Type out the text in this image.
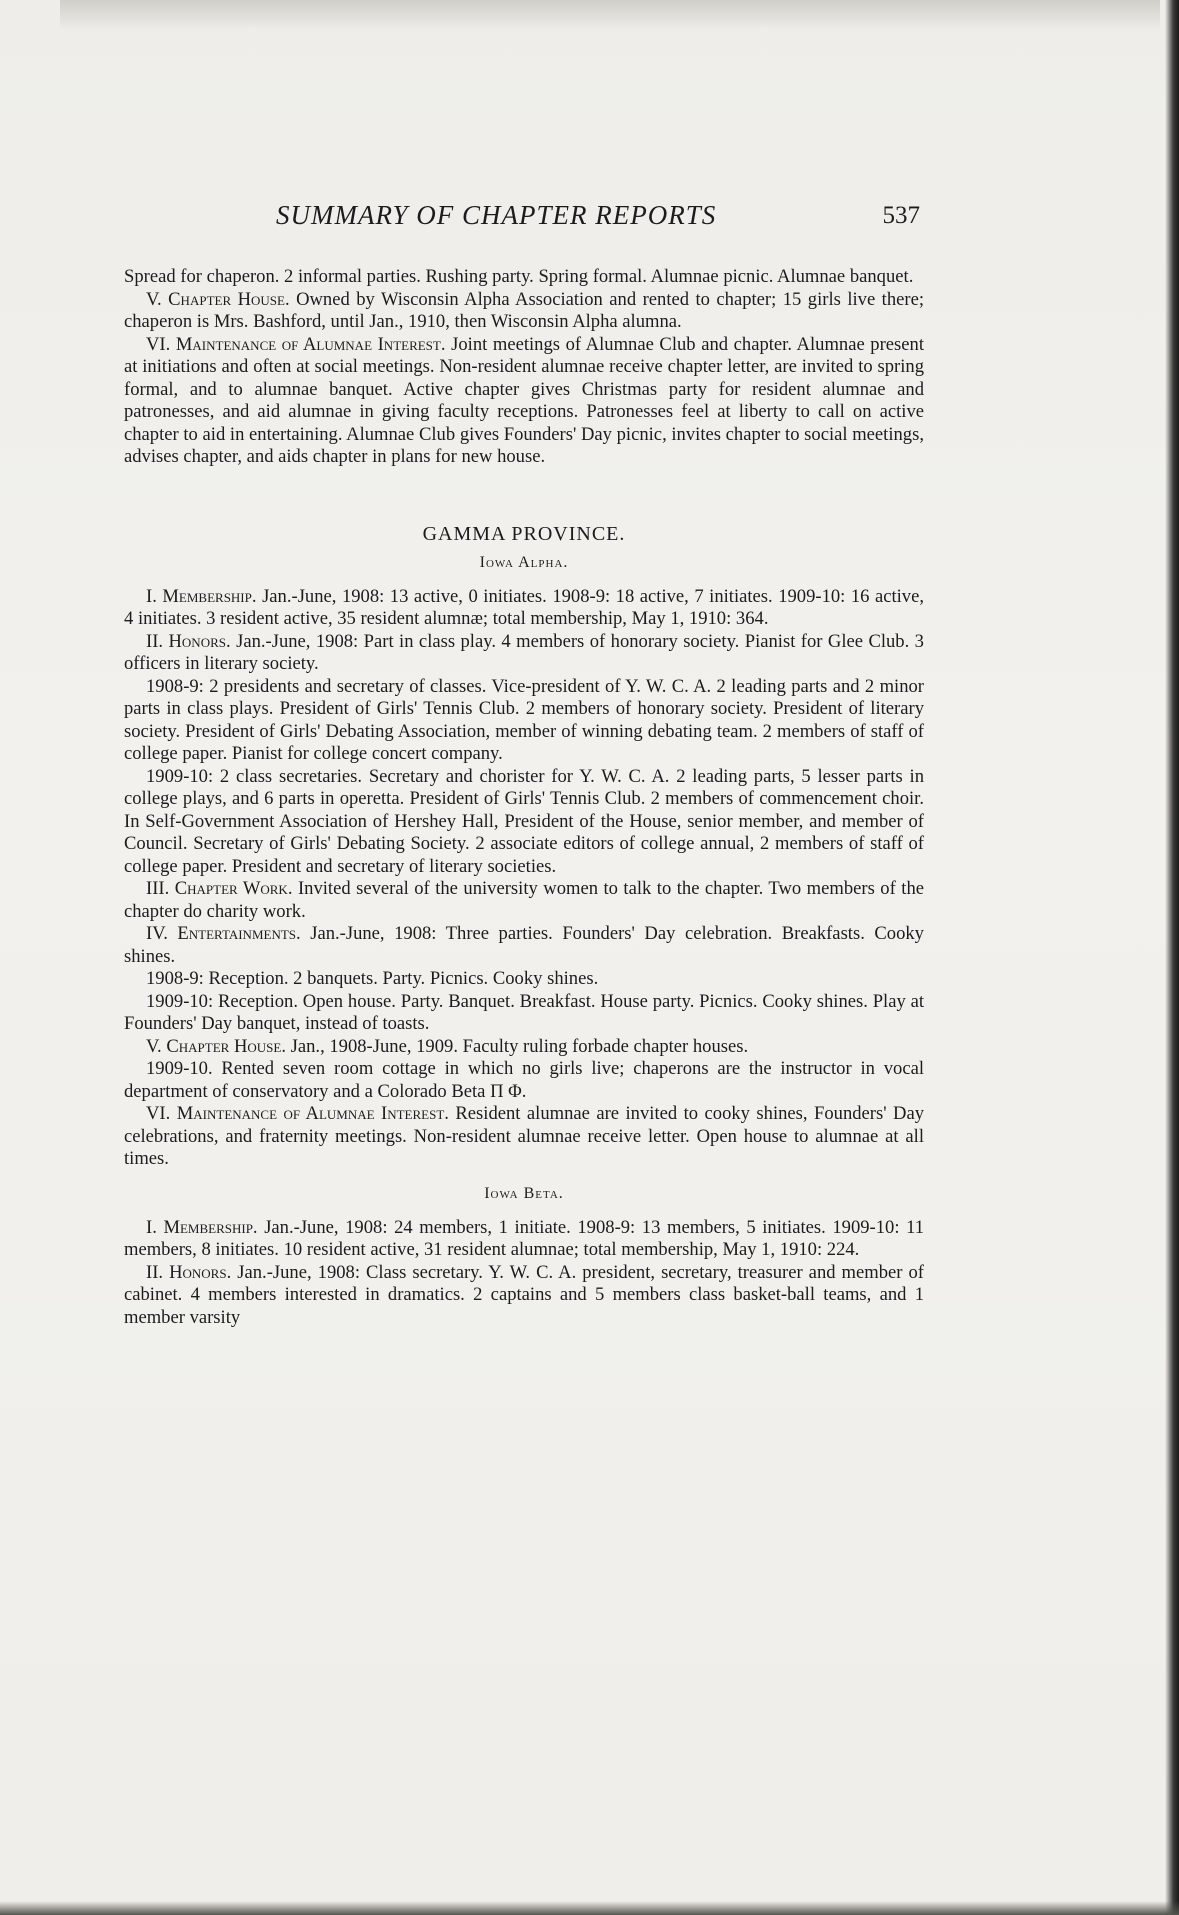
SUMMARY OF CHAPTER REPORTS	537

Spread for chaperon. 2 informal parties. Rushing party. Spring formal. Alumnae picnic. Alumnae banquet.

V. Chapter House. Owned by Wisconsin Alpha Association and rented to chapter; 15 girls live there; chaperon is Mrs. Bashford, until Jan., 1910, then Wisconsin Alpha alumna.

VI. Maintenance of Alumnae Interest. Joint meetings of Alumnae Club and chapter. Alumnae present at initiations and often at social meetings. Non-resident alumnae receive chapter letter, are invited to spring formal, and to alumnae banquet. Active chapter gives Christmas party for resident alumnae and patronesses, and aid alumnae in giving faculty receptions. Patronesses feel at liberty to call on active chapter to aid in entertaining. Alumnae Club gives Founders' Day picnic, invites chapter to social meetings, advises chapter, and aids chapter in plans for new house.

GAMMA PROVINCE.
Iowa Alpha.

I. Membership. Jan.-June, 1908: 13 active, 0 initiates. 1908-9: 18 active, 7 initiates. 1909-10: 16 active, 4 initiates. 3 resident active, 35 resident alumnæ; total membership, May 1, 1910: 364.

II. Honors. Jan.-June, 1908: Part in class play. 4 members of honorary society. Pianist for Glee Club. 3 officers in literary society.

1908-9: 2 presidents and secretary of classes. Vice-president of Y. W. C. A. 2 leading parts and 2 minor parts in class plays. President of Girls' Tennis Club. 2 members of honorary society. President of literary society. President of Girls' Debating Association, member of winning debating team. 2 members of staff of college paper. Pianist for college concert company.

1909-10: 2 class secretaries. Secretary and chorister for Y. W. C. A. 2 leading parts, 5 lesser parts in college plays, and 6 parts in operetta. President of Girls' Tennis Club. 2 members of commencement choir. In Self-Government Association of Hershey Hall, President of the House, senior member, and member of Council. Secretary of Girls' Debating Society. 2 associate editors of college annual, 2 members of staff of college paper. President and secretary of literary societies.

III. Chapter Work. Invited several of the university women to talk to the chapter. Two members of the chapter do charity work.

IV. Entertainments. Jan.-June, 1908: Three parties. Founders' Day celebration. Breakfasts. Cooky shines.

1908-9: Reception. 2 banquets. Party. Picnics. Cooky shines.

1909-10: Reception. Open house. Party. Banquet. Breakfast. House party. Picnics. Cooky shines. Play at Founders' Day banquet, instead of toasts.

V. Chapter House. Jan., 1908-June, 1909. Faculty ruling forbade chapter houses.

1909-10. Rented seven room cottage in which no girls live; chaperons are the instructor in vocal department of conservatory and a Colorado Beta Π Φ.

VI. Maintenance of Alumnae Interest. Resident alumnae are invited to cooky shines, Founders' Day celebrations, and fraternity meetings. Non-resident alumnae receive letter. Open house to alumnae at all times.

Iowa Beta.

I. Membership. Jan.-June, 1908: 24 members, 1 initiate. 1908-9: 13 members, 5 initiates. 1909-10: 11 members, 8 initiates. 10 resident active, 31 resident alumnae; total membership, May 1, 1910: 224.

II. Honors. Jan.-June, 1908: Class secretary. Y. W. C. A. president, secretary, treasurer and member of cabinet. 4 members interested in dramatics. 2 captains and 5 members class basket-ball teams, and 1 member varsity
